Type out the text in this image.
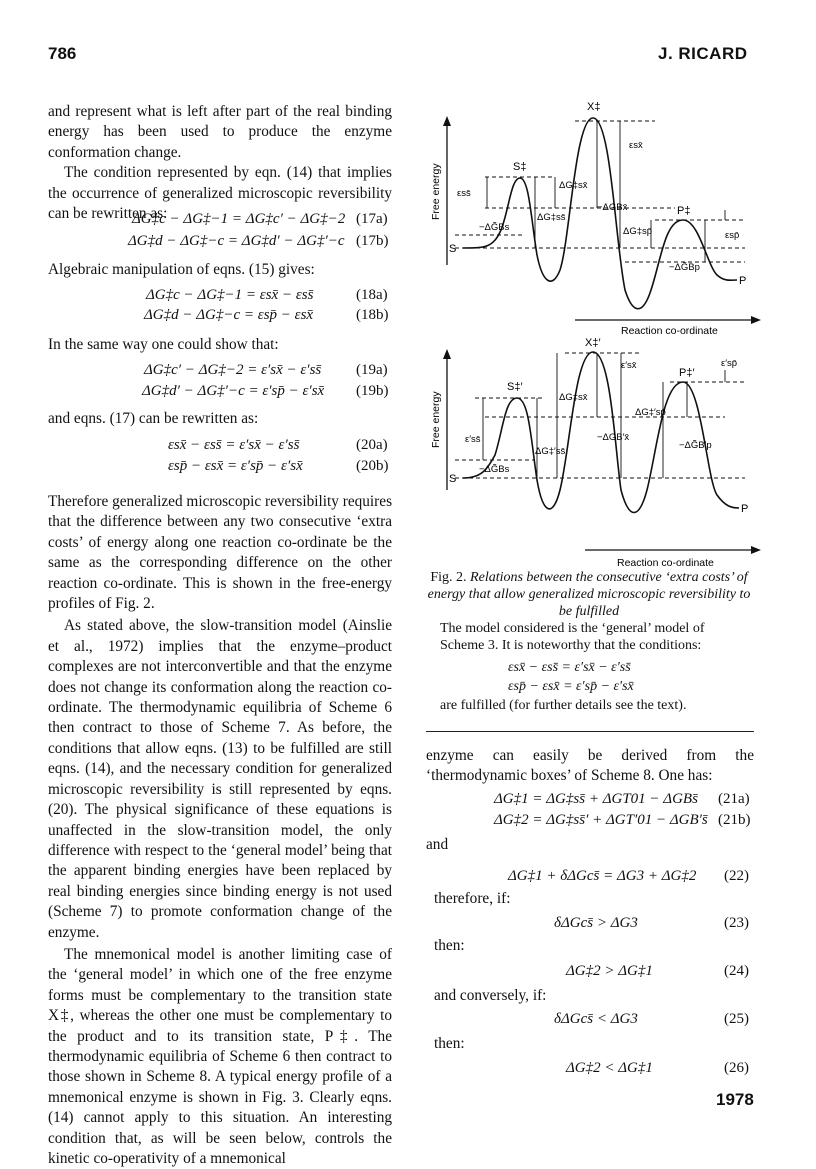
786	J. RICARD

and represent what is left after part of the real binding energy has been used to produce the enzyme conformation change.

The condition represented by eqn. (14) that implies the occurrence of generalized microscopic reversibility can be rewritten as:

ΔG‡c − ΔG‡−1 = ΔG‡c′ − ΔG‡−2 (17a)
ΔG‡d − ΔG‡−c = ΔG‡d′ − ΔG‡′−c (17b)
Algebraic manipulation of eqns. (15) gives:
ΔG‡c − ΔG‡−1 = εsx̄ − εss̄	(18a)
ΔG‡d − ΔG‡−c = εsp̄ − εsx̄	(18b)
In the same way one could show that:
ΔG‡c′ − ΔG‡−2 = ε′sx̄ − ε′ss̄ (19a)
ΔG‡d′ − ΔG‡′−c = ε′sp̄ − ε′sx̄ (19b)
and eqns. (17) can be rewritten as:
εsx̄ − εss̄ = ε′sx̄ − ε′ss̄	(20a)
εsp̄ − εsx̄ = ε′sp̄ − ε′sx̄	(20b)

Therefore generalized microscopic reversibility requires that the difference between any two consecutive ‘extra costs’ of energy along one reaction co-ordinate be the same as the corresponding difference on the other reaction co-ordinate. This is shown in the free-energy profiles of Fig. 2.

As stated above, the slow-transition model (Ainslie et al., 1972) implies that the enzyme–product complexes are not interconvertible and that the enzyme does not change its conformation along the reaction co-ordinate. The thermodynamic equilibria of Scheme 6 then contract to those of Scheme 7. As before, the conditions that allow eqns. (13) to be fulfilled are still eqns. (14), and the necessary condition for generalized microscopic reversibility is still represented by eqns. (20). The physical significance of these equations is unaffected in the slow-transition model, the only difference with respect to the ‘general model’ being that the apparent binding energies have been replaced by real binding energies since binding energy is not used (Scheme 7) to promote conformation change of the enzyme.

The mnemonical model is another limiting case of the ‘general model’ in which one of the free enzyme forms must be complementary to the transition state X‡, whereas the other one must be complementary to the product and to its transition state, P‡. The thermodynamic equilibria of Scheme 6 then contract to those shown in Scheme 8. A typical energy profile of a mnemonical enzyme is shown in Fig. 3. Clearly eqns. (14) cannot apply to this situation. An interesting condition that, as will be seen below, controls the kinetic co-operativity of a mnemonical

Free energy
S
P
X‡
S‡
P‡
εss̄
εsx̄
εsp̄
ΔG‡sx̄
ΔG‡ss̄
ΔG‡sp̄
−ΔG̃Bs
−ΔGBx̄
−ΔG̃Bp
Reaction co-ordinate
Free energy
S
P
X‡′
S‡′
P‡′
ε′ss̄
ε′sx̄	ε′sp̄
ΔG‡sx̄
ΔG‡′ss̄
ΔG‡′sp̄
−ΔG̃Bs
−ΔGB′x̄
−ΔG̃B′p
Reaction co-ordinate
Fig. 2. Relations between the consecutive ‘extra costs’ of energy that allow generalized microscopic reversibility to be fulfilled
The model considered is the ‘general’ model of Scheme 3. It is noteworthy that the conditions:
εsx̄ − εss̄ = ε′sx̄ − ε′ss̄
εsp̄ − εsx̄ = ε′sp̄ − ε′sx̄
are fulfilled (for further details see the text).

enzyme can easily be derived from the ‘thermodynamic boxes’ of Scheme 8. One has:

ΔG‡1 = ΔG‡ss̄ + ΔGT01 − ΔGBs̄ (21a)
ΔG‡2 = ΔG‡ss̄′ + ΔGT′01 − ΔGB′s̄ (21b)
and
ΔG‡1 + δΔGcs̄ = ΔG3 + ΔG‡2 (22)
therefore, if:
δΔGcs̄ > ΔG3	(23)
then:
ΔG‡2 > ΔG‡1	(24)
and conversely, if:
δΔGcs̄ < ΔG3	(25)
then:
ΔG‡2 < ΔG‡1	(26)
1978
